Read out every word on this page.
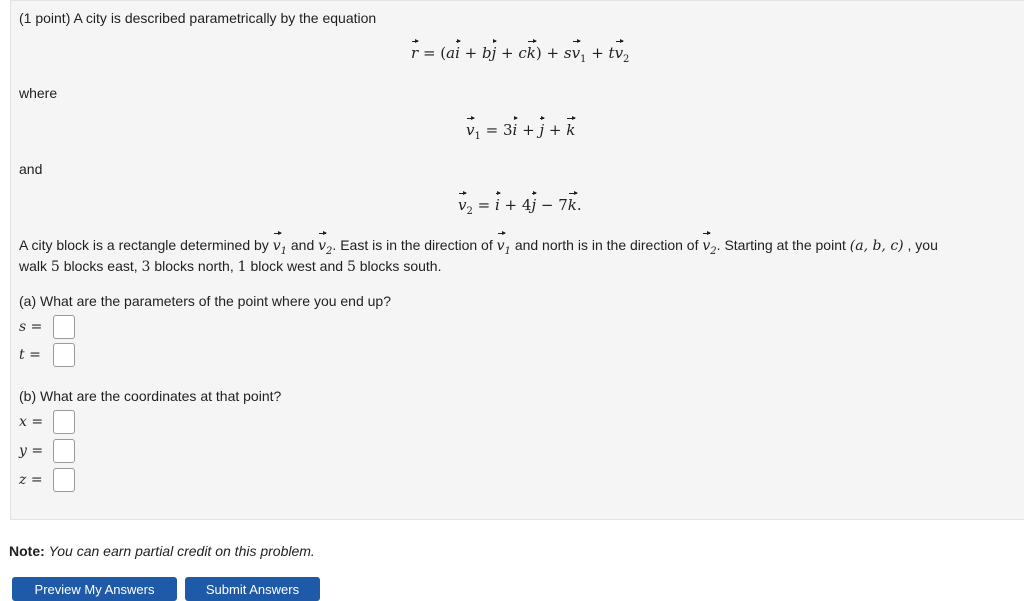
(1 point) A city is described parametrically by the equation
r = (ai + bj + $ck) + sv_1 + tv_2$
where
$v_1 = 3i + j + k$
and
$v_2 = i + 4j - 7k$.
A city block is a rectangle determined by $v_1$ and $v_2$. East is in the direction of $v_1$ and north is in the direction of $v_2$. Starting at the point (a, b, c) , you
walk 5 blocks east, 3 blocks north, 1 block west and 5 blocks south.
(a) What are the parameters of the point where you end up?
s =
t =
(b) What are the coordinates at that point?
x =
y =
z =
Note: You can earn partial credit on this problem.
Preview My Answers	Submit Answers
